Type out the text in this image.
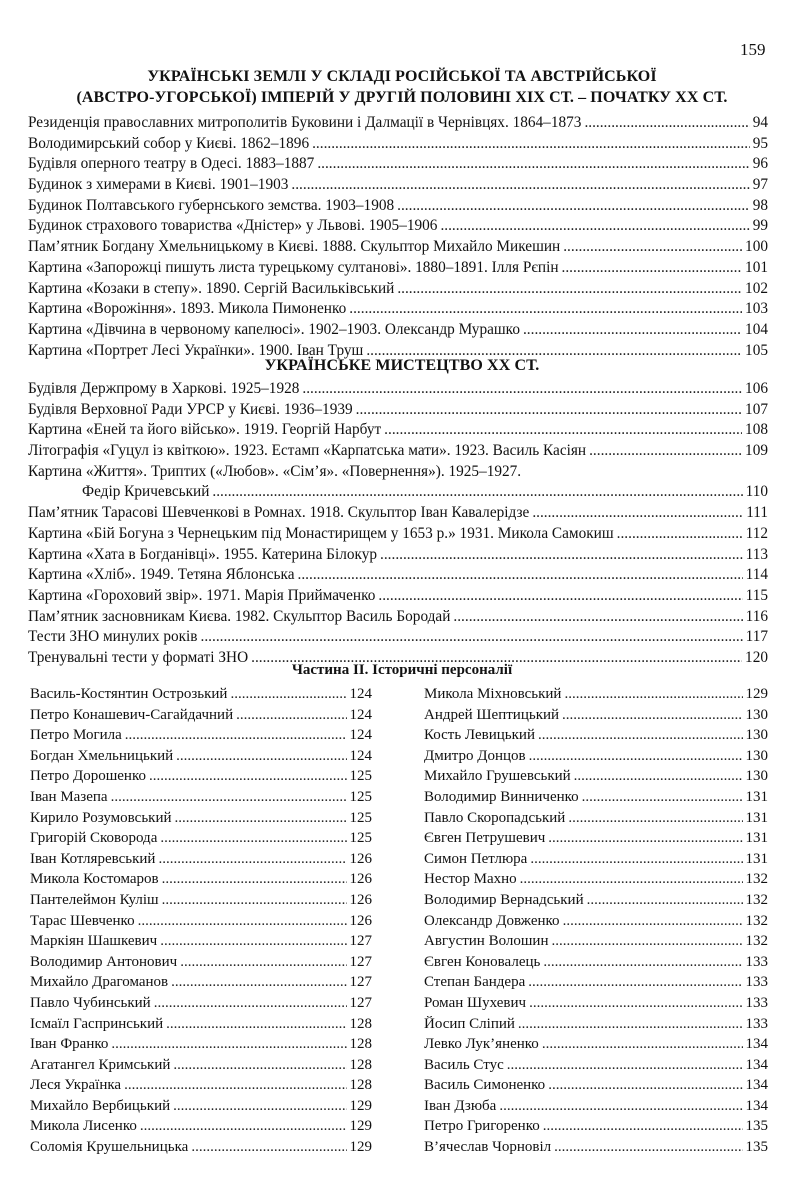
159
УКРАЇНСЬКІ ЗЕМЛІ У СКЛАДІ РОСІЙСЬКОЇ ТА АВСТРІЙСЬКОЇ
(АВСТРО-УГОРСЬКОЇ) ІМПЕРІЙ У ДРУГІЙ ПОЛОВИНІ XIX СТ. – ПОЧАТКУ XX СТ.
Резиденція православних митрополитів Буковини і Далмації в Чернівцях. 1864–1873 .....	94
Володимирський собор у Києві. 1862–1896 .....	95
Будівля оперного театру в Одесі. 1883–1887 .....	96
Будинок з химерами в Києві. 1901–1903 .....	97
Будинок Полтавського губернського земства. 1903–1908 .....	98
Будинок страхового товариства «Дністер» у Львові. 1905–1906 .....	99
Пам’ятник Богдану Хмельницькому в Києві. 1888. Скульптор Михайло Микешин .....	100
Картина «Запорожці пишуть листа турецькому султанові». 1880–1891. Ілля Рєпін .....	101
Картина «Козаки в степу». 1890. Сергій Васильківський .....	102
Картина «Ворожіння». 1893. Микола Пимоненко .....	103
Картина «Дівчина в червоному капелюсі». 1902–1903. Олександр Мурашко .....	104
Картина «Портрет Лесі Українки». 1900. Іван Труш .....	105
УКРАЇНСЬКЕ МИСТЕЦТВО XX СТ.
Будівля Держпрому в Харкові. 1925–1928 .....	106
Будівля Верховної Ради УРСР у Києві. 1936–1939 .....	107
Картина «Еней та його військо». 1919. Георгій Нарбут .....	108
Літографія «Гуцул із квіткою». 1923. Естамп «Карпатська мати». 1923. Василь Касіян .....	109
Картина «Життя». Триптих («Любов». «Сім’я». «Повернення»). 1925–1927.
Федір Кричевський .....	110
Пам’ятник Тарасові Шевченкові в Ромнах. 1918. Скульптор Іван Кавалерідзе .....	111
Картина «Бій Богуна з Чернецьким під Монастирищем у 1653 р.» 1931. Микола Самокиш .....	112
Картина «Хата в Богданівці». 1955. Катерина Білокур .....	113
Картина «Хліб». 1949. Тетяна Яблонська .....	114
Картина «Гороховий звір». 1971. Марія Приймаченко .....	115
Пам’ятник засновникам Києва. 1982. Скульптор Василь Бородай .....	116
Тести ЗНО минулих років .....	117
Тренувальні тести у форматі ЗНО .....	120
Частина ІІ. Історичні персоналії
Василь-Костянтин Острозький .....	124
Петро Конашевич-Сагайдачний .....	124
Петро Могила .....	124
Богдан Хмельницький .....	124
Петро Дорошенко .....	125
Іван Мазепа .....	125
Кирило Розумовський .....	125
Григорій Сковорода .....	125
Іван Котляревський .....	126
Микола Костомаров .....	126
Пантелеймон Куліш .....	126
Тарас Шевченко .....	126
Маркіян Шашкевич .....	127
Володимир Антонович .....	127
Михайло Драгоманов .....	127
Павло Чубинський .....	127
Ісмаїл Гаспринський .....	128
Іван Франко .....	128
Агатангел Кримський .....	128
Леся Українка .....	128
Михайло Вербицький .....	129
Микола Лисенко .....	129
Соломія Крушельницька .....	129
Микола Міхновський .....	129
Андрей Шептицький .....	130
Кость Левицький .....	130
Дмитро Донцов .....	130
Михайло Грушевський .....	130
Володимир Винниченко .....	131
Павло Скоропадський .....	131
Євген Петрушевич .....	131
Симон Петлюра .....	131
Нестор Махно .....	132
Володимир Вернадський .....	132
Олександр Довженко .....	132
Августин Волошин .....	132
Євген Коновалець .....	133
Степан Бандера .....	133
Роман Шухевич .....	133
Йосип Сліпий .....	133
Левко Лук’яненко .....	134
Василь Стус .....	134
Василь Симоненко .....	134
Іван Дзюба .....	134
Петро Григоренко .....	135
В’ячеслав Чорновіл .....	135
